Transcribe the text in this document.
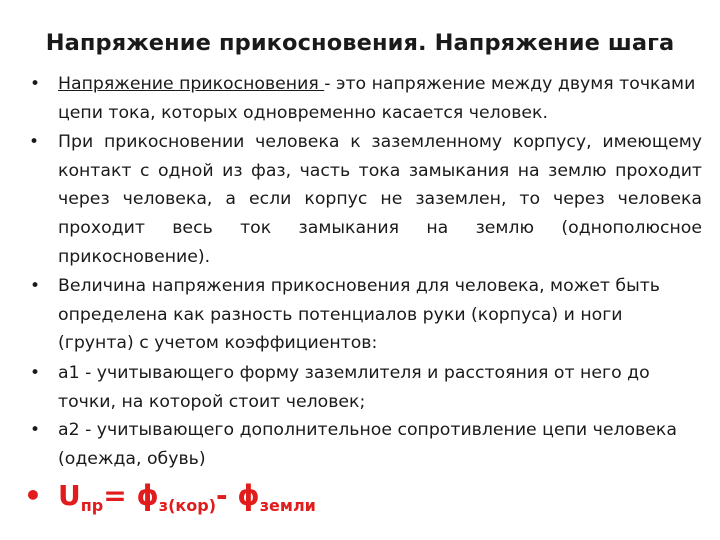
Напряжение прикосновения. Напряжение шага
• Напряжение прикосновения - это напряжение между двумя точками цепи тока, которых одновременно касается человек.
• При прикосновении человека к заземленному корпусу, имеющему контакт с одной из фаз, часть тока замыкания на землю проходит через человека, а если корпус не заземлен, то через человека проходит весь ток замыкания на землю (однополюсное прикосновение).
• Величина напряжения прикосновения для человека, может быть определена как разность потенциалов руки (корпуса) и ноги (грунта) с учетом коэффициентов:
• a1 - учитывающего форму заземлителя и расстояния от него до точки, на которой стоит человек;
• a2 - учитывающего дополнительное сопротивление цепи человека (одежда, обувь)
• $U_{пр}= \phi_{з(кор)}-$ $\phi_{земли}$
